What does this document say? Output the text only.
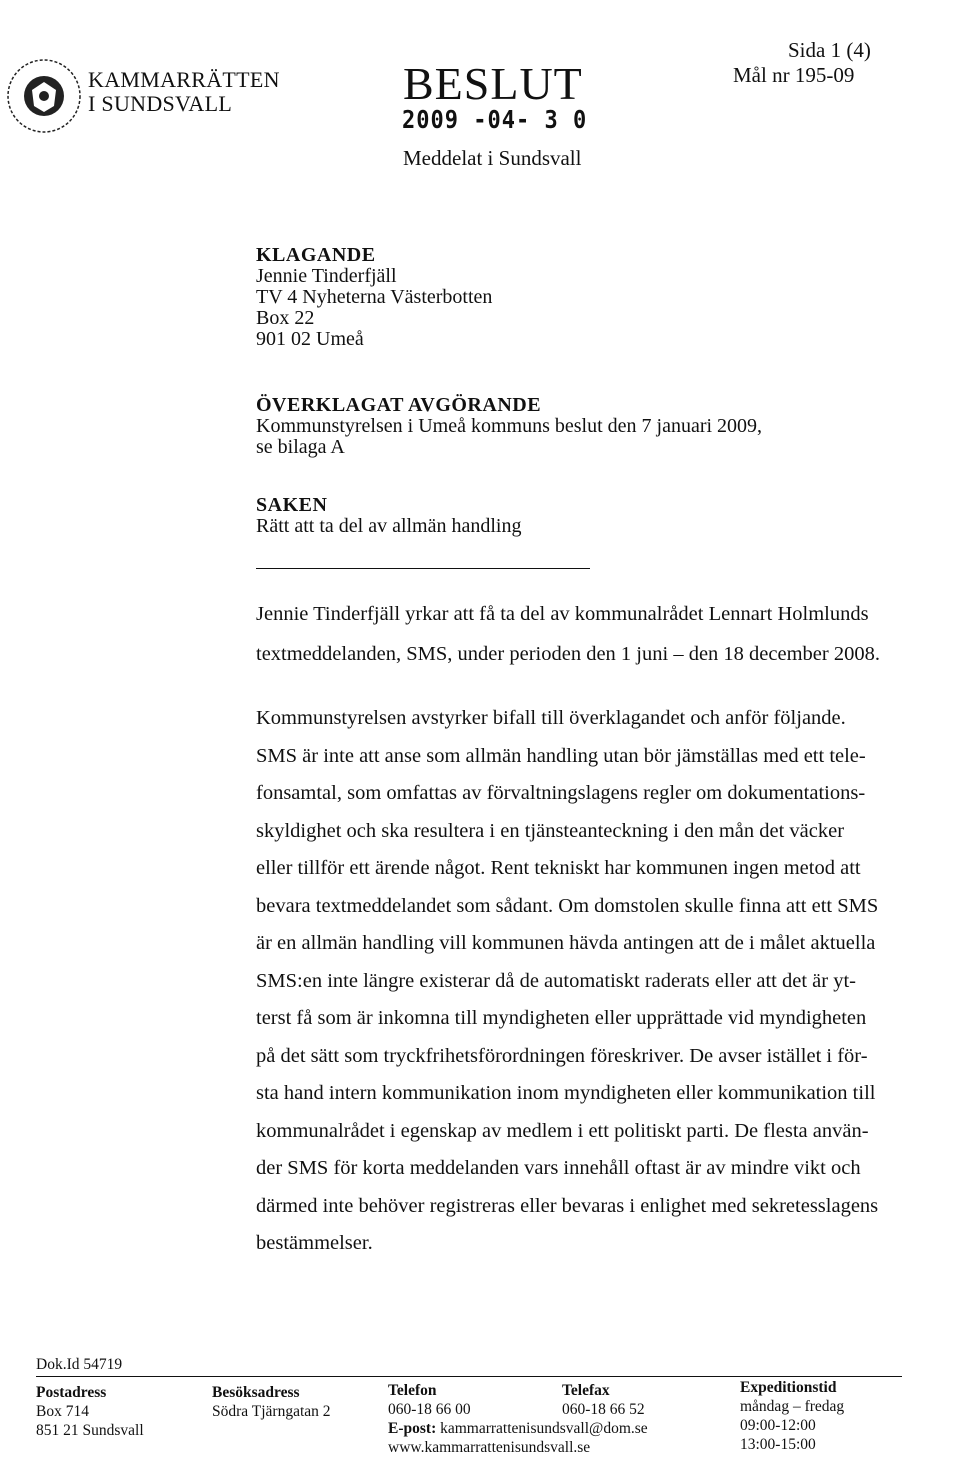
KAMMARRÄTTEN
I SUNDSVALL	BESLUT
2009 -04- 3 0
Meddelat i Sundsvall
Sida 1 (4)
Mål nr 195-09
KLAGANDE
Jennie Tinderfjäll
TV 4 Nyheterna Västerbotten
Box 22
901 02 Umeå
ÖVERKLAGAT AVGÖRANDE
Kommunstyrelsen i Umeå kommuns beslut den 7 januari 2009,
se bilaga A
SAKEN
Rätt att ta del av allmän handling
Jennie Tinderfjäll yrkar att få ta del av kommunalrådet Lennart Holmlunds
textmeddelanden, SMS, under perioden den 1 juni – den 18 december 2008.
Kommunstyrelsen avstyrker bifall till överklagandet och anför följande.
SMS är inte att anse som allmän handling utan bör jämställas med ett tele-
fonsamtal, som omfattas av förvaltningslagens regler om dokumentations-
skyldighet och ska resultera i en tjänsteanteckning i den mån det väcker
eller tillför ett ärende något. Rent tekniskt har kommunen ingen metod att
bevara textmeddelandet som sådant. Om domstolen skulle finna att ett SMS
är en allmän handling vill kommunen hävda antingen att de i målet aktuella
SMS:en inte längre existerar då de automatiskt raderats eller att det är yt-
terst få som är inkomna till myndigheten eller upprättade vid myndigheten
på det sätt som tryckfrihetsförordningen föreskriver. De avser istället i för-
sta hand intern kommunikation inom myndigheten eller kommunikation till
kommunalrådet i egenskap av medlem i ett politiskt parti. De flesta använ-
der SMS för korta meddelanden vars innehåll oftast är av mindre vikt och
därmed inte behöver registreras eller bevaras i enlighet med sekretesslagens
bestämmelser.
Dok.Id 54719
Postadress
Box 714
851 21 Sundsvall
Besöksadress
Södra Tjärngatan 2
Telefon
060-18 66 00
Telefax
060-18 66 52
E-post: kammarrattenisundsvall@dom.se
www.kammarrattenisundsvall.se
Expeditionstid
måndag – fredag
09:00-12:00
13:00-15:00
